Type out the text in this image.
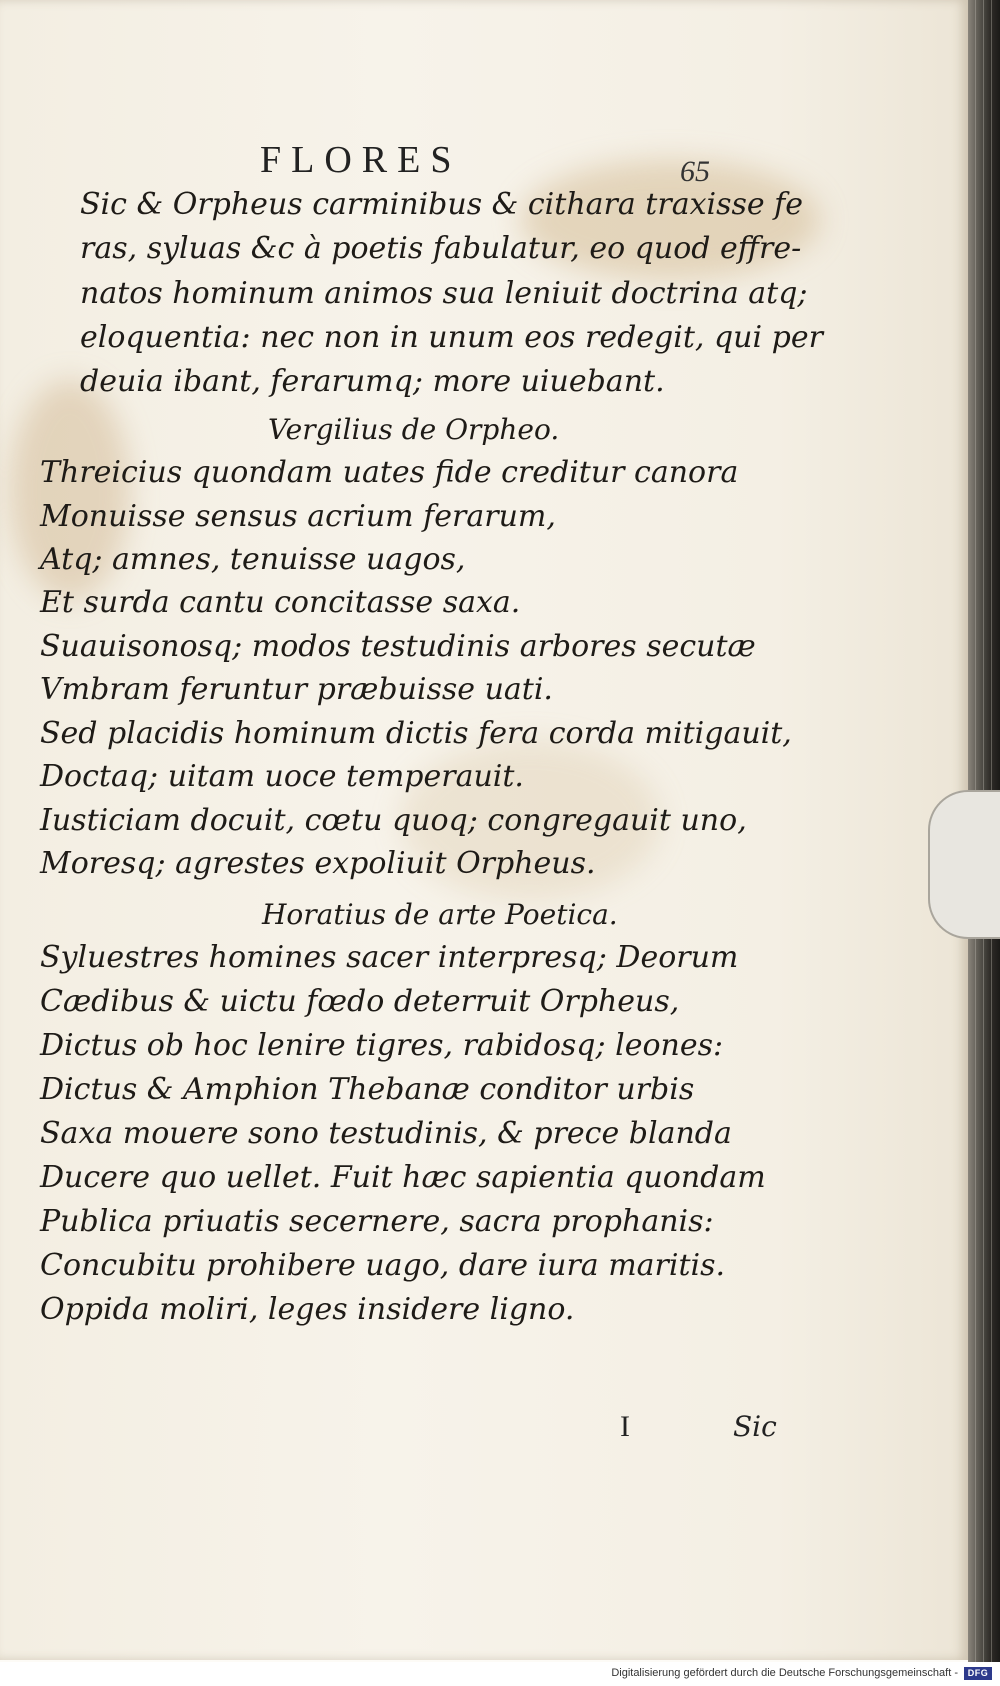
FLORES	65
Sic & Orpheus carminibus & cithara traxisse fe
ras, syluas &c à poetis fabulatur, eo quod effre-
natos hominum animos sua leniuit doctrina atq;
eloquentia: nec non in unum eos redegit, qui per
deuia ibant, ferarumq; more uiuebant.
Vergilius de Orpheo.
Threicius quondam uates fide creditur canora
Monuisse sensus acrium ferarum,
Atq; amnes, tenuisse uagos,
Et surda cantu concitasse saxa.
Suauisonosq; modos testudinis arbores secutæ
Vmbram feruntur præbuisse uati.
Sed placidis hominum dictis fera corda mitigauit,
Doctaq; uitam uoce temperauit.
Iusticiam docuit, cœtu quoq; congregauit uno,
Moresq; agrestes expoliuit Orpheus.
Horatius de arte Poetica.
Syluestres homines sacer interpresq; Deorum
Cædibus & uictu fœdo deterruit Orpheus,
Dictus ob hoc lenire tigres, rabidosq; leones:
Dictus & Amphion Thebanæ conditor urbis
Saxa mouere sono testudinis, & prece blanda
Ducere quo uellet. Fuit hæc sapientia quondam
Publica priuatis secernere, sacra prophanis:
Concubitu prohibere uago, dare iura maritis.
Oppida moliri, leges insidere ligno.
I	Sic
Digitalisierung gefördert durch die Deutsche Forschungsgemeinschaft -	DFG
